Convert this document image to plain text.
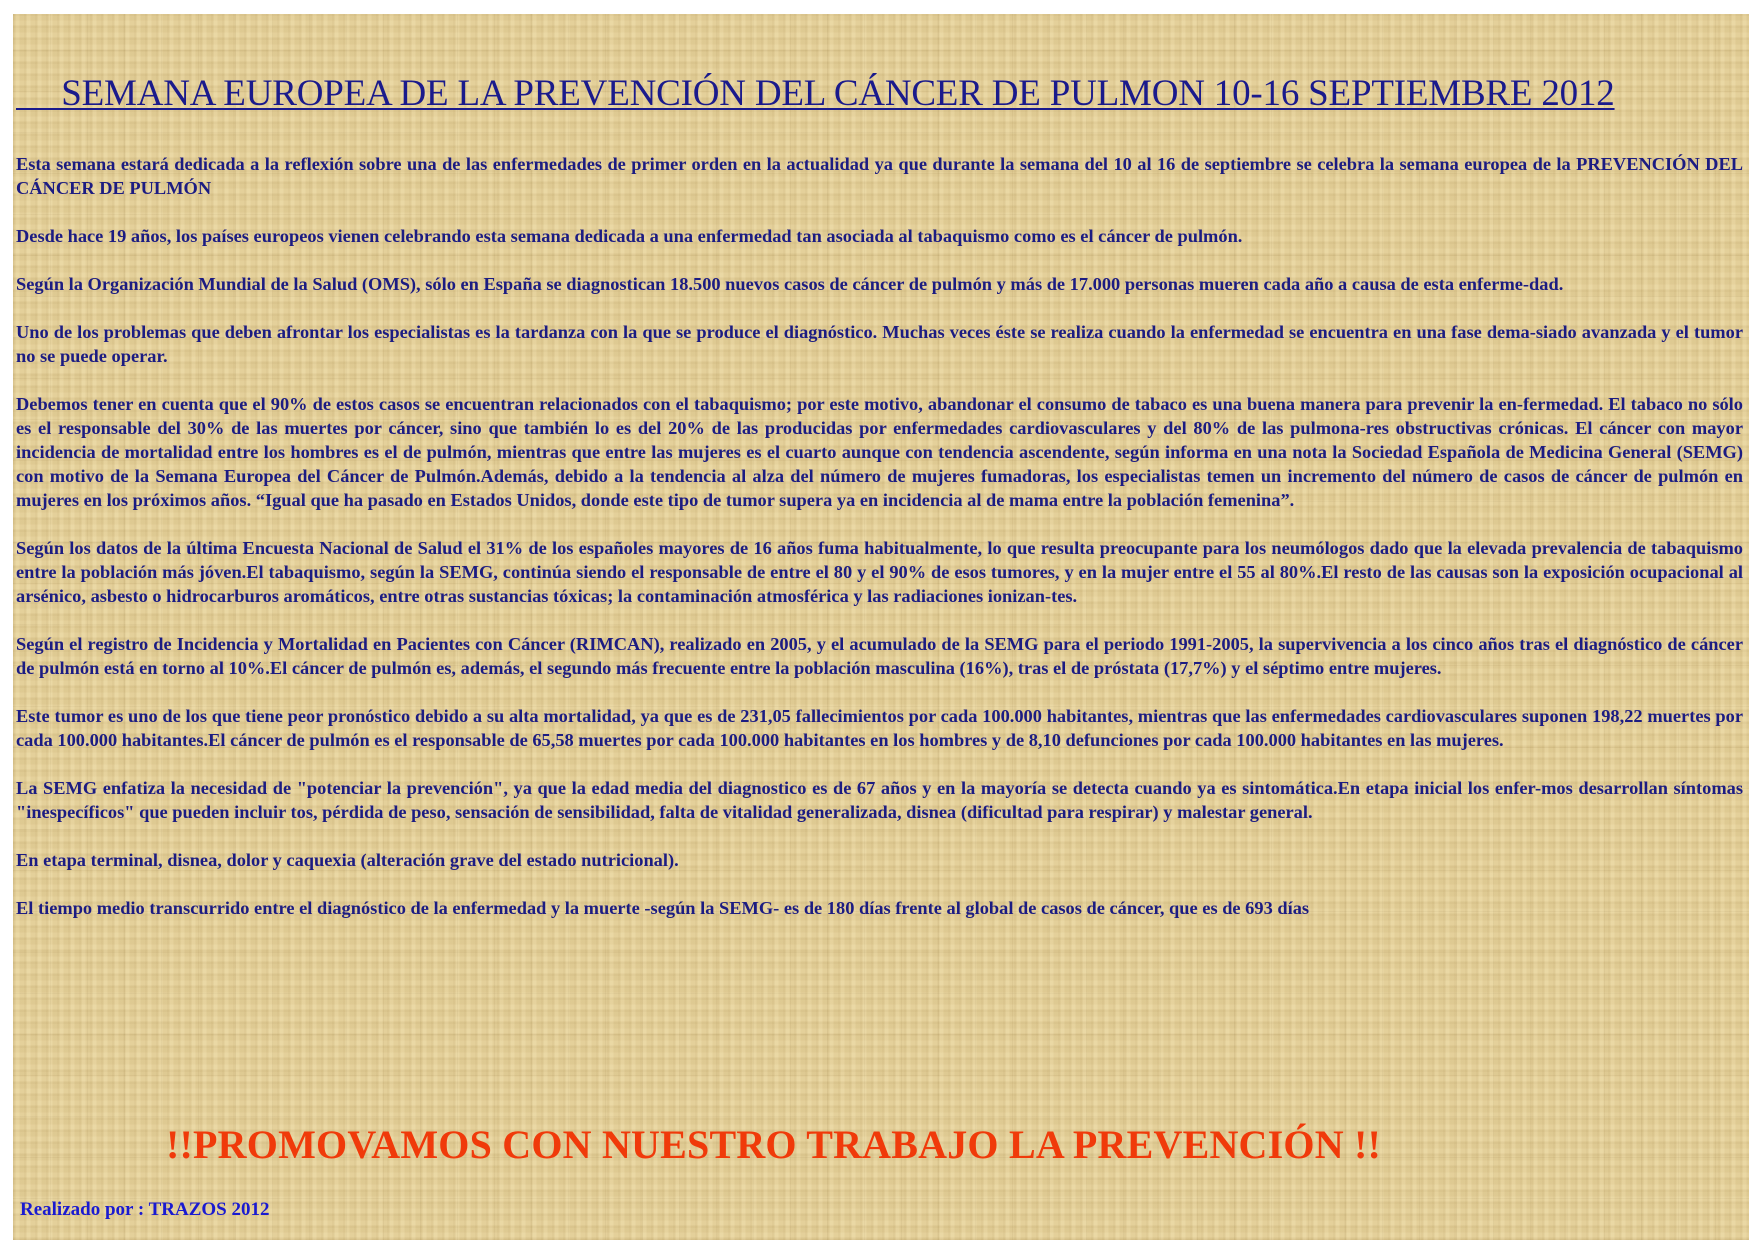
SEMANA EUROPEA DE LA PREVENCIÓN DEL CÁNCER DE PULMON 10-16 SEPTIEMBRE 2012

Esta semana estará dedicada a la reflexión sobre una de las enfermedades de primer orden en la actualidad ya que durante la semana del 10 al 16 de septiembre se celebra la semana europea de la PREVENCIÓN DEL CÁNCER DE PULMÓN

Desde hace 19 años, los países europeos vienen celebrando esta semana dedicada a una enfermedad tan asociada al tabaquismo como es el cáncer de pulmón.

Según la Organización Mundial de la Salud (OMS), sólo en España se diagnostican 18.500 nuevos casos de cáncer de pulmón y más de 17.000 personas mueren cada año a causa de esta enferme-dad.

Uno de los problemas que deben afrontar los especialistas es la tardanza con la que se produce el diagnóstico. Muchas veces éste se realiza cuando la enfermedad se encuentra en una fase dema-siado avanzada y el tumor no se puede operar.

Debemos tener en cuenta que el 90% de estos casos se encuentran relacionados con el tabaquismo; por este motivo, abandonar el consumo de tabaco es una buena manera para prevenir la en-fermedad. El tabaco no sólo es el responsable del 30% de las muertes por cáncer, sino que también lo es del 20% de las producidas por enfermedades cardiovasculares y del 80% de las pulmona-res obstructivas crónicas. El cáncer con mayor incidencia de mortalidad entre los hombres es el de pulmón, mientras que entre las mujeres es el cuarto aunque con tendencia ascendente, según informa en una nota la Sociedad Española de Medicina General (SEMG) con motivo de la Semana Europea del Cáncer de Pulmón.Además, debido a la tendencia al alza del número de mujeres fumadoras, los especialistas temen un incremento del número de casos de cáncer de pulmón en mujeres en los próximos años. “Igual que ha pasado en Estados Unidos, donde este tipo de tumor supera ya en incidencia al de mama entre la población femenina”.

Según los datos de la última Encuesta Nacional de Salud el 31% de los españoles mayores de 16 años fuma habitualmente, lo que resulta preocupante para los neumólogos dado que la elevada prevalencia de tabaquismo entre la población más jóven.El tabaquismo, según la SEMG, continúa siendo el responsable de entre el 80 y el 90% de esos tumores, y en la mujer entre el 55 al 80%.El resto de las causas son la exposición ocupacional al arsénico, asbesto o hidrocarburos aromáticos, entre otras sustancias tóxicas; la contaminación atmosférica y las radiaciones ionizan-tes.

Según el registro de Incidencia y Mortalidad en Pacientes con Cáncer (RIMCAN), realizado en 2005, y el acumulado de la SEMG para el periodo 1991-2005, la supervivencia a los cinco años tras el diagnóstico de cáncer de pulmón está en torno al 10%.El cáncer de pulmón es, además, el segundo más frecuente entre la población masculina (16%), tras el de próstata (17,7%) y el séptimo entre mujeres.

Este tumor es uno de los que tiene peor pronóstico debido a su alta mortalidad, ya que es de 231,05 fallecimientos por cada 100.000 habitantes, mientras que las enfermedades cardiovasculares suponen 198,22 muertes por cada 100.000 habitantes.El cáncer de pulmón es el responsable de 65,58 muertes por cada 100.000 habitantes en los hombres y de 8,10 defunciones por cada 100.000 habitantes en las mujeres.

La SEMG enfatiza la necesidad de "potenciar la prevención", ya que la edad media del diagnostico es de 67 años y en la mayoría se detecta cuando ya es sintomática.En etapa inicial los enfer-mos desarrollan síntomas "inespecíficos" que pueden incluir tos, pérdida de peso, sensación de sensibilidad, falta de vitalidad generalizada, disnea (dificultad para respirar) y malestar general.

En etapa terminal, disnea, dolor y caquexia (alteración grave del estado nutricional).

El tiempo medio transcurrido entre el diagnóstico de la enfermedad y la muerte -según la SEMG- es de 180 días frente al global de casos de cáncer, que es de 693 días

!!PROMOVAMOS CON NUESTRO TRABAJO LA PREVENCIÓN !!

Realizado por : TRAZOS 2012
